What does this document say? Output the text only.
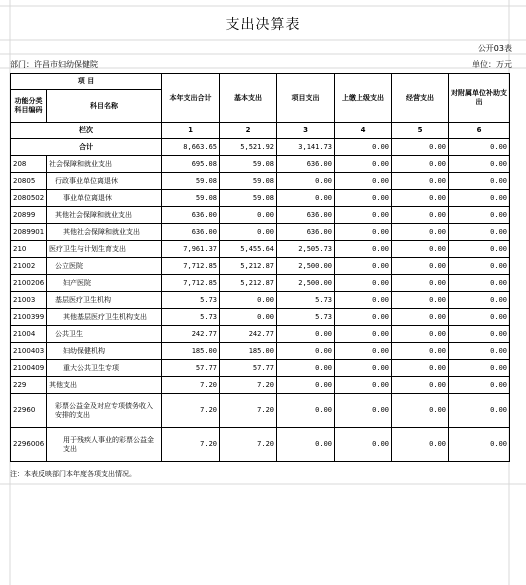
支出决算表
公开03表
部门：许昌市妇幼保健院	单位：万元
项 目		本年支出合计	基本支出	项目支出	上缴上级支出	经营支出	对附属单位补助支出
功能分类科目编码	科目名称						

栏次		1	2	3	4	5	6
合计		8,663.65	5,521.92	3,141.73	0.00	0.00	0.00
208	社会保障和就业支出	695.08	59.08	636.00	0.00	0.00	0.00
20805	行政事业单位离退休	59.08	59.08	0.00	0.00	0.00	0.00
2080502	事业单位离退休	59.08	59.08	0.00	0.00	0.00	0.00
20899	其他社会保障和就业支出	636.00	0.00	636.00	0.00	0.00	0.00
2089901	其他社会保障和就业支出	636.00	0.00	636.00	0.00	0.00	0.00
210	医疗卫生与计划生育支出	7,961.37	5,455.64	2,505.73	0.00	0.00	0.00
21002	公立医院	7,712.85	5,212.87	2,500.00	0.00	0.00	0.00
2100206	妇产医院	7,712.85	5,212.87	2,500.00	0.00	0.00	0.00
21003	基层医疗卫生机构	5.73	0.00	5.73	0.00	0.00	0.00
2100399	其他基层医疗卫生机构支出	5.73	0.00	5.73	0.00	0.00	0.00
21004	公共卫生	242.77	242.77	0.00	0.00	0.00	0.00
2100403	妇幼保健机构	185.00	185.00	0.00	0.00	0.00	0.00
2100409	重大公共卫生专项	57.77	57.77	0.00	0.00	0.00	0.00
229	其他支出	7.20	7.20	0.00	0.00	0.00	0.00
22960	彩票公益金及对应专项债务收入安排的支出	7.20	7.20	0.00	0.00	0.00	0.00
2296006	用于残疾人事业的彩票公益金支出	7.20	7.20	0.00	0.00	0.00	0.00
注：本表反映部门本年度各项支出情况。
